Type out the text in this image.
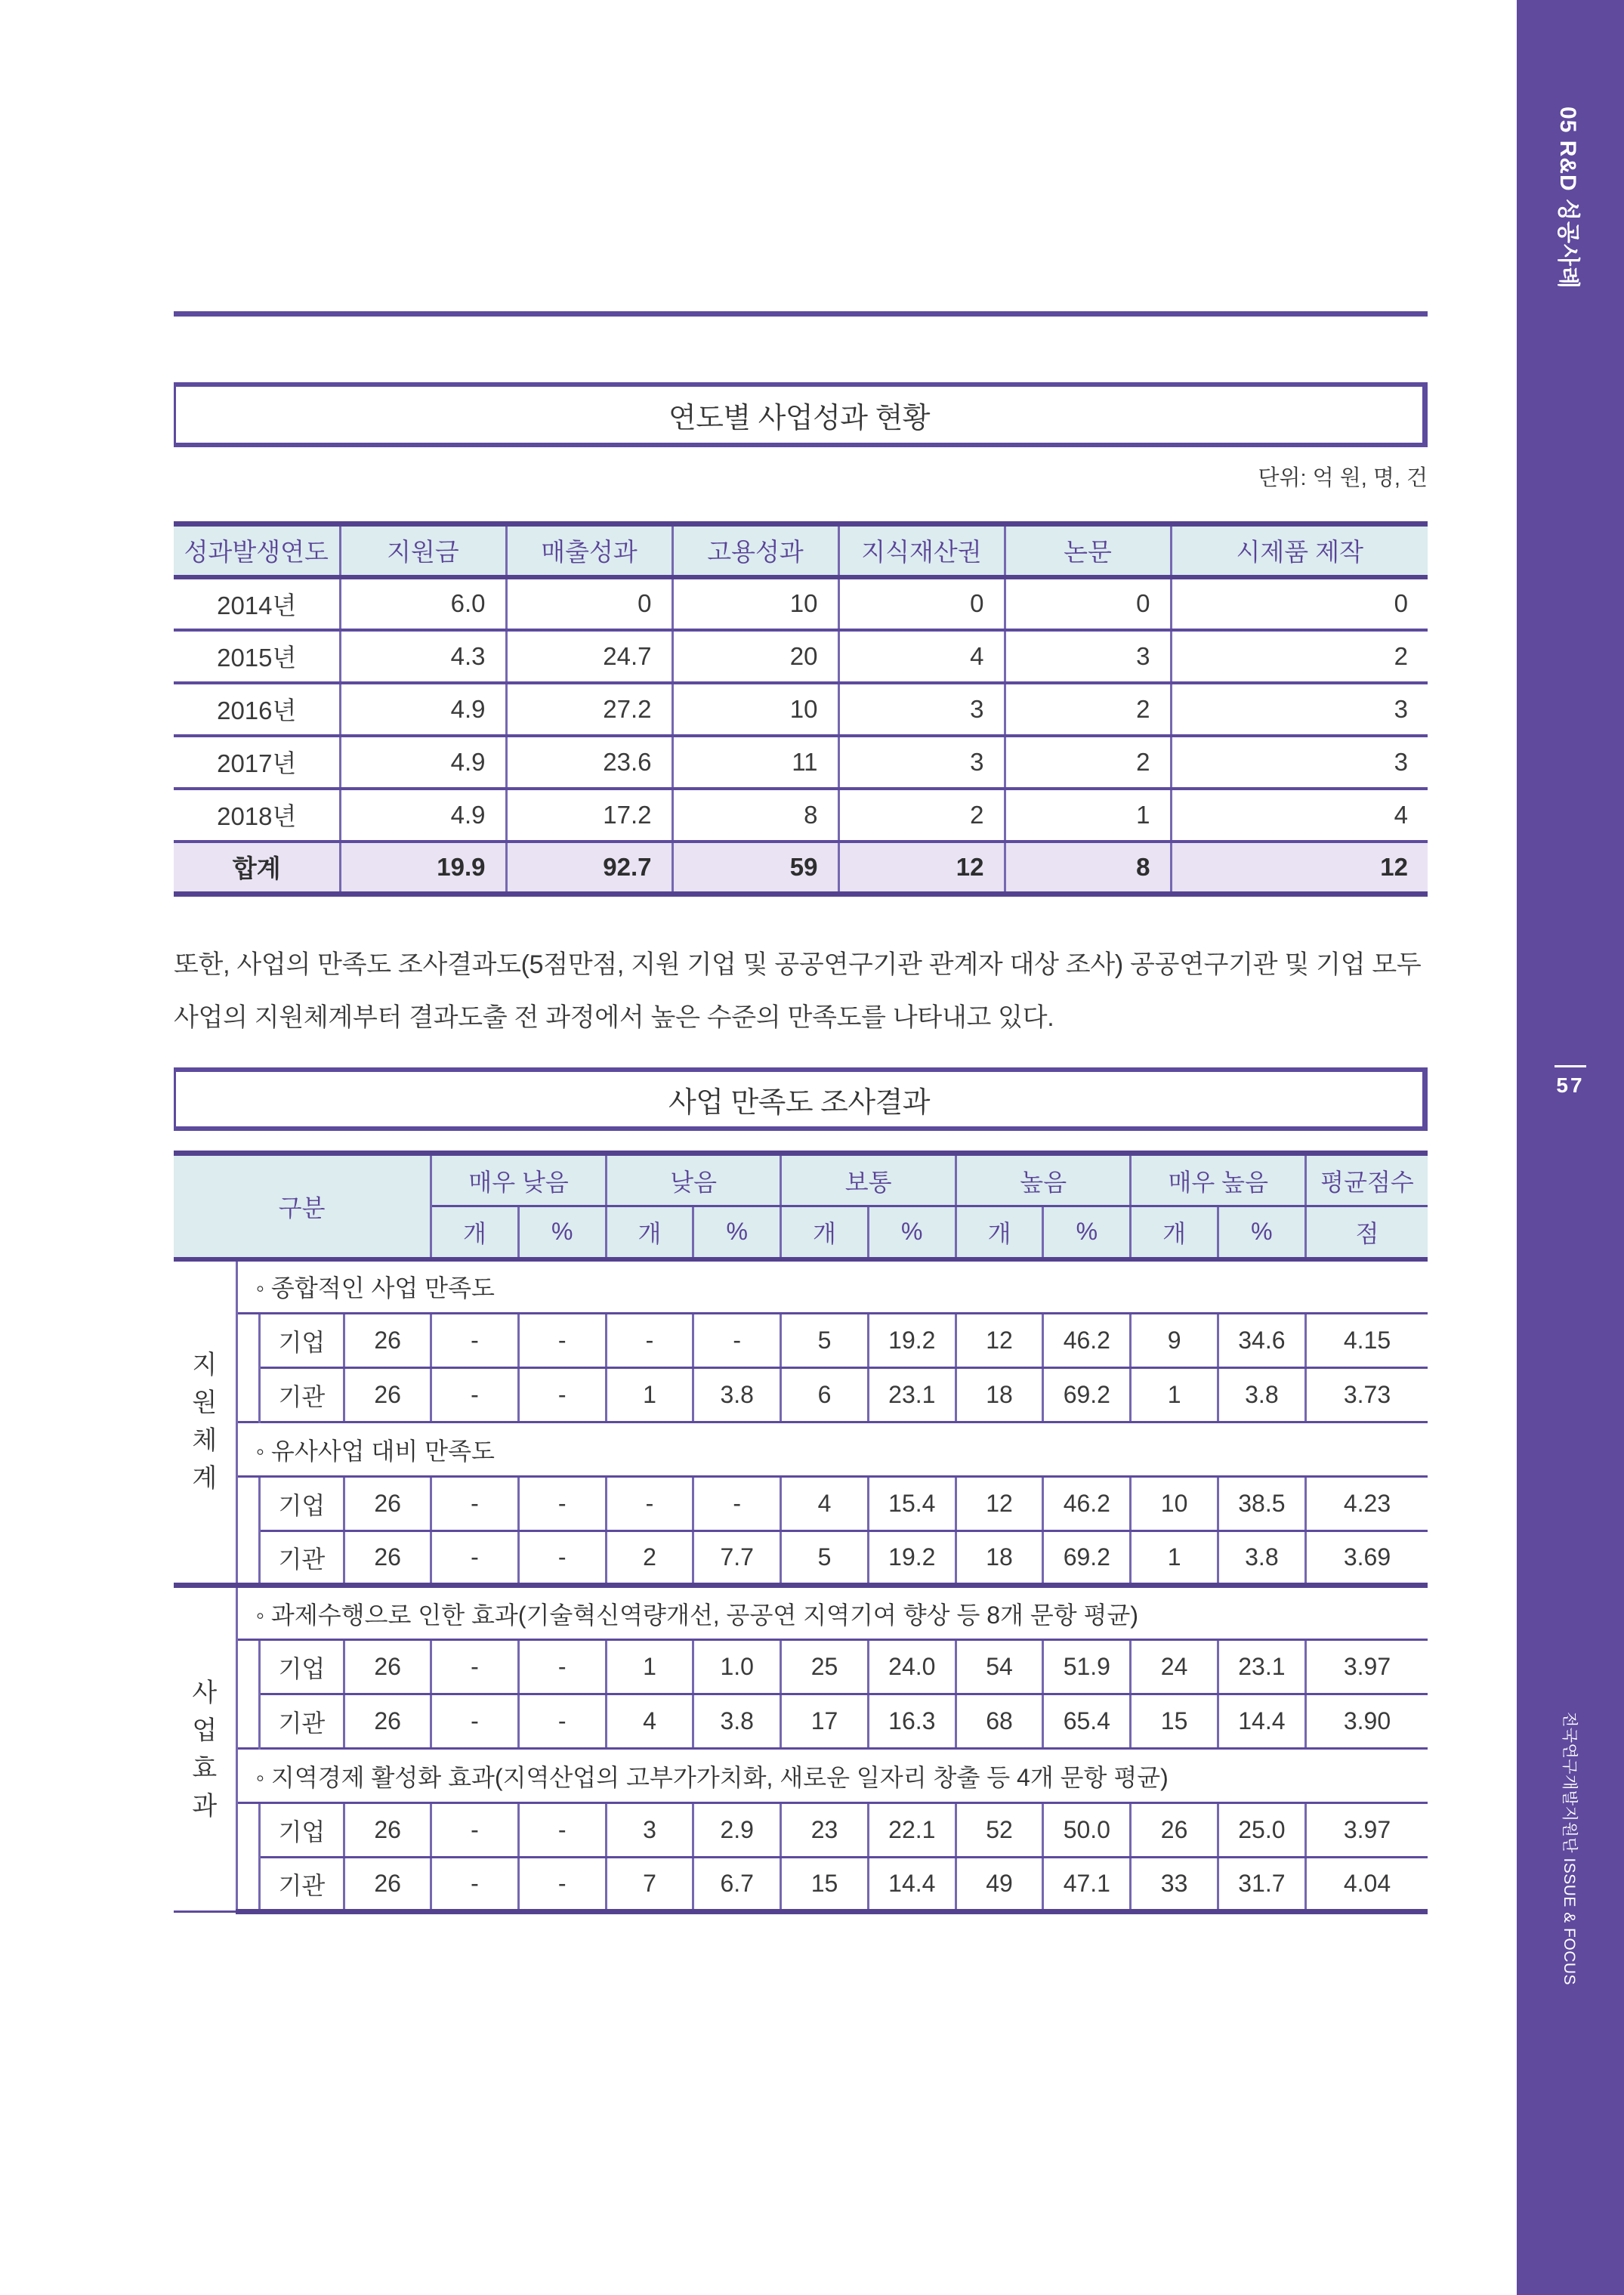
연도별 사업성과 현황
단위: 억 원, 명, 건
성과발생연도	지원금	매출성과	고용성과	지식재산권	논문	시제품 제작
2014년	6.0	0	10	0	0	0
2015년	4.3	24.7	20	4	3	2
2016년	4.9	27.2	10	3	2	3
2017년	4.9	23.6	11	3	2	3
2018년	4.9	17.2	8	2	1	4
합계	19.9	92.7	59	12	8	12

또한, 사업의 만족도 조사결과도(5점만점, 지원 기업 및 공공연구기관 관계자 대상 조사) 공공연구기관 및 기업 모두 사업의 지원체계부터 결과도출 전 과정에서 높은 수준의 만족도를 나타내고 있다.

사업 만족도 조사결과
구분				매우 낮음		낮음		보통		높음		매우 높음		평균점수
				개	%	개	%	개	%	개	%	개	%	점

지원체계	◦ 종합적인 사업 만족도													
		기업	26	-	-	-	-	5	19.2	12	46.2	9	34.6	4.15
		기관	26	-	-	1	3.8	6	23.1	18	69.2	1	3.8	3.73
	◦ 유사사업 대비 만족도													
		기업	26	-	-	-	-	4	15.4	12	46.2	10	38.5	4.23
		기관	26	-	-	2	7.7	5	19.2	18	69.2	1	3.8	3.69

사업효과	◦ 과제수행으로 인한 효과(기술혁신역량개선, 공공연 지역기여 향상 등 8개 문항 평균)													
		기업	26	-	-	1	1.0	25	24.0	54	51.9	24	23.1	3.97
		기관	26	-	-	4	3.8	17	16.3	68	65.4	15	14.4	3.90
	◦ 지역경제 활성화 효과(지역산업의 고부가가치화, 새로운 일자리 창출 등 4개 문항 평균)													
		기업	26	-	-	3	2.9	23	22.1	52	50.0	26	25.0	3.97
		기관	26	-	-	7	6.7	15	14.4	49	47.1	33	31.7	4.04
05 R&D 성공사례
57
전국연구개발지원단 ISSUE & FOCUS
